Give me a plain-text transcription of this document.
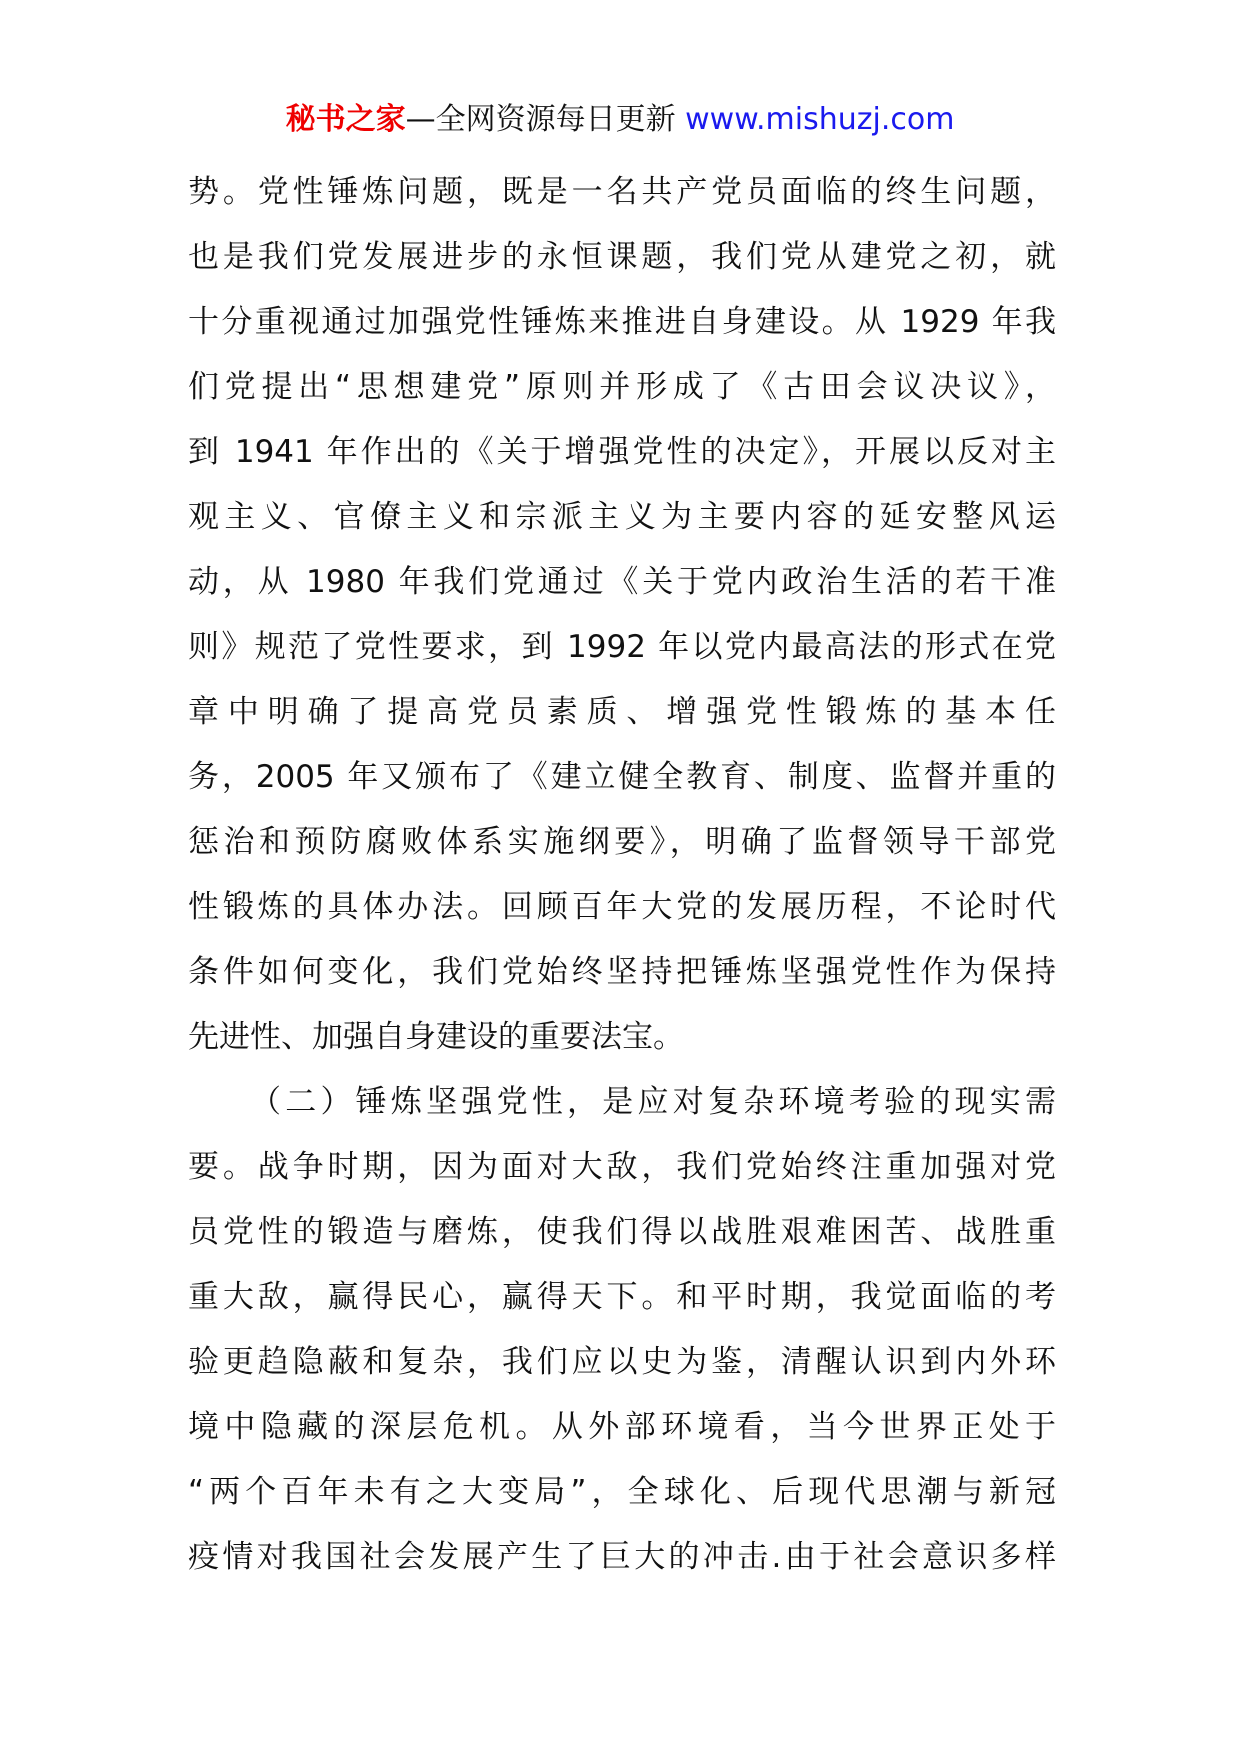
秘书之家—全网资源每日更新 www.mishuzj.com
势。党性锤炼问题，既是一名共产党员面临的终生问题，
也是我们党发展进步的永恒课题，我们党从建党之初，就
十分重视通过加强党性锤炼来推进自身建设。从 1929 年我
们党提出“思想建党”原则并形成了《古田会议决议》，
到 1941 年作出的《关于增强党性的决定》，开展以反对主
观主义、官僚主义和宗派主义为主要内容的延安整风运
动，从 1980 年我们党通过《关于党内政治生活的若干准
则》规范了党性要求，到 1992 年以党内最高法的形式在党
章中明确了提高党员素质、增强党性锻炼的基本任
务，2005 年又颁布了《建立健全教育、制度、监督并重的
惩治和预防腐败体系实施纲要》，明确了监督领导干部党
性锻炼的具体办法。回顾百年大党的发展历程，不论时代
条件如何变化，我们党始终坚持把锤炼坚强党性作为保持
先进性、加强自身建设的重要法宝。
（二）锤炼坚强党性，是应对复杂环境考验的现实需
要。战争时期，因为面对大敌，我们党始终注重加强对党
员党性的锻造与磨炼，使我们得以战胜艰难困苦、战胜重
重大敌，赢得民心，赢得天下。和平时期，我觉面临的考
验更趋隐蔽和复杂，我们应以史为鉴，清醒认识到内外环
境中隐藏的深层危机。从外部环境看，当今世界正处于
“两个百年未有之大变局”，全球化、后现代思潮与新冠
疫情对我国社会发展产生了巨大的冲击.由于社会意识多样
